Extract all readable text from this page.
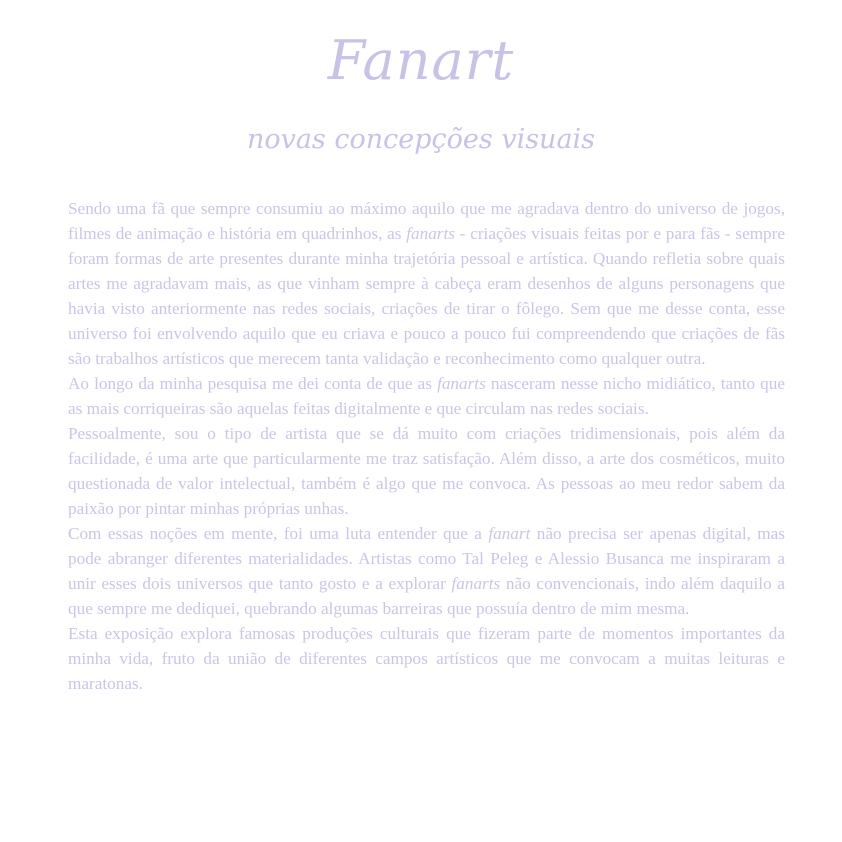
Fanart
novas concepções visuais

Sendo uma fã que sempre consumiu ao máximo aquilo que me agradava dentro do universo de jogos, filmes de animação e história em quadrinhos, as fanarts - criações visuais feitas por e para fãs - sempre foram formas de arte presentes durante minha trajetória pessoal e artística. Quando refletia sobre quais artes me agradavam mais, as que vinham sempre à cabeça eram desenhos de alguns personagens que havia visto anteriormente nas redes sociais, criações de tirar o fôlego. Sem que me desse conta, esse universo foi envolvendo aquilo que eu criava e pouco a pouco fui compreendendo que criações de fãs são trabalhos artísticos que merecem tanta validação e reconhecimento como qualquer outra.

Ao longo da minha pesquisa me dei conta de que as fanarts nasceram nesse nicho midiático, tanto que as mais corriqueiras são aquelas feitas digitalmente e que circulam nas redes sociais.

Pessoalmente, sou o tipo de artista que se dá muito com criações tridimensionais, pois além da facilidade, é uma arte que particularmente me traz satisfação. Além disso, a arte dos cosméticos, muito questionada de valor intelectual, também é algo que me convoca. As pessoas ao meu redor sabem da paixão por pintar minhas próprias unhas.

Com essas noções em mente, foi uma luta entender que a fanart não precisa ser apenas digital, mas pode abranger diferentes materialidades. Artistas como Tal Peleg e Alessio Busanca me inspiraram a unir esses dois universos que tanto gosto e a explorar fanarts não convencionais, indo além daquilo a que sempre me dediquei, quebrando algumas barreiras que possuía dentro de mim mesma.

Esta exposição explora famosas produções culturais que fizeram parte de momentos importantes da minha vida, fruto da união de diferentes campos artísticos que me convocam a muitas leituras e maratonas.
